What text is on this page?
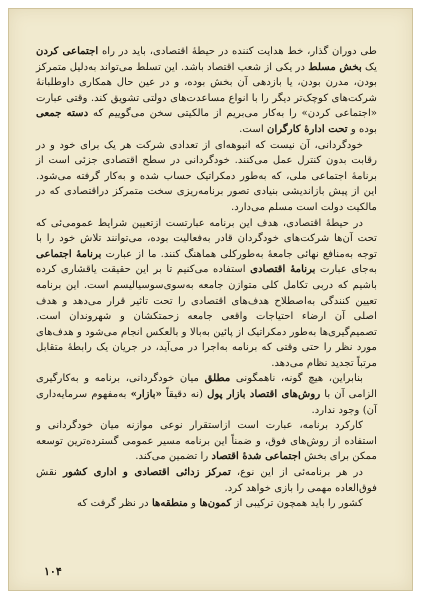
طی دوران گذار، خط هدایت کننده در حیطهٔ اقتصادی، باید در راه اجتماعی کردن یک بخش مسلط در یکی از شعب اقتصاد باشد. این تسلط می‌تواند به‌دلیل متمرکز بودن، مدرن بودن، یا بازدهی آن بخش بوده، و در عین حال همکاری داوطلبانهٔ شرکت‌های کوچک‌تر دیگر را با انواع مساعدت‌های دولتی تشویق کند. وقتی عبارت «اجتماعی کردن» را به‌کار می‌بریم از مالکیتی سخن می‌گوییم که دسته جمعی بوده و تحت ادارهٔ کارگران است.

خودگردانی، آن نیست که انبوهه‌ای از تعدادی شرکت هر یک برای خود و در رقابت بدون کنترل عمل می‌کنند. خودگردانی در سطح اقتصادی جزئی است از برنامهٔ اجتماعی ملی، که به‌طور دمکراتیک حساب شده و به‌کار گرفته می‌شود. این از پیش بازاندیشی بنیادی تصور برنامه‌ریزی سخت متمرکز دراقتصادی که در مالکیت دولت است مسلم می‌دارد.

در حیطهٔ اقتصادی، هدف این برنامه عبارتست ازتعیین شرایط عمومی‌ئی که تحت آن‌ها شرکت‌های خودگردان قادر به‌فعالیت بوده، می‌توانند تلاش خود را با توجه به‌منافع نهائی جامعهٔ به‌طورکلی هماهنگ کنند. ما از عبارت برنامهٔ اجتماعی به‌جای عبارت برنامهٔ اقتصادی استفاده می‌کنیم تا بر این حقیقت یاقشاری کرده باشیم که دربی تکامل کلی متوازن جامعه به‌سوی‌سوسیالیسم است. این برنامه تعیین کنندگی به‌اصطلاح هدف‌های اقتصادی را تحت تاثیر قرار می‌دهد و هدف اصلی آن ارضاء احتیاجات واقعی جامعه زحمتکشان و شهروندان است. تصمیم‌گیری‌ها به‌طور دمکراتیک از پائین به‌بالا و بالعکس انجام می‌شود و هدف‌های مورد نظر را حتی وقتی که برنامه به‌اجرا در می‌آید، در جریان یک رابطهٔ متقابل مرتباً تجدید نظام می‌دهد.

بنابراین، هیچ گونه، ناهمگونی مطلق میان خودگردانی، برنامه و به‌کارگیری الزامی آن با روش‌های اقتصاد بازار پول (نه دقیقاً «بازار» به‌مفهوم سرمایه‌داری آن) وجود ندارد.

کارکرد برنامه، عبارت است ازاستقرار نوعی موازنه میان خودگردانی و استفاده از روش‌های فوق، و ضمناً این برنامه مسیر عمومی گسترده‌ترین توسعه ممکن برای بخش اجتماعی شدهٔ اقتصاد را تضمین می‌کند.

در هر برنامه‌ئی از این نوع، تمرکز زدائی اقتصادی و اداری کشور نقش فوق‌العاده مهمی را بازی خواهد کرد.

کشور را باید همچون ترکیبی از کمون‌ها و منطقه‌ها در نظر گرفت که

۱۰۴
